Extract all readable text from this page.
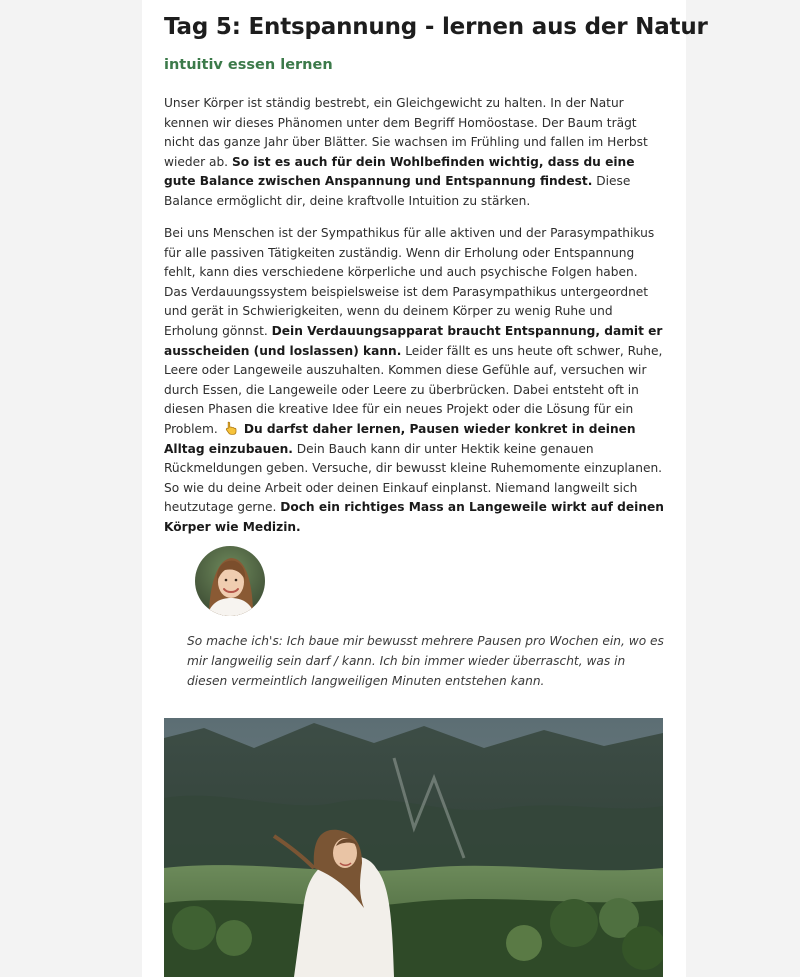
Tag 5: Entspannung - lernen aus der Natur
intuitiv essen lernen

Unser Körper ist ständig bestrebt, ein Gleichgewicht zu halten. In der Natur kennen wir dieses Phänomen unter dem Begriff Homöostase. Der Baum trägt nicht das ganze Jahr über Blätter. Sie wachsen im Frühling und fallen im Herbst wieder ab. So ist es auch für dein Wohlbefinden wichtig, dass du eine gute Balance zwischen Anspannung und Entspannung findest. Diese Balance ermöglicht dir, deine kraftvolle Intuition zu stärken.

Bei uns Menschen ist der Sympathikus für alle aktiven und der Parasympathikus für alle passiven Tätigkeiten zuständig. Wenn dir Erholung oder Entspannung fehlt, kann dies verschiedene körperliche und auch psychische Folgen haben. Das Verdauungssystem beispielsweise ist dem Parasympathikus untergeordnet und gerät in Schwierigkeiten, wenn du deinem Körper zu wenig Ruhe und Erholung gönnst. Dein Verdauungsapparat braucht Entspannung, damit er ausscheiden (und loslassen) kann. Leider fällt es uns heute oft schwer, Ruhe, Leere oder Langeweile auszuhalten. Kommen diese Gefühle auf, versuchen wir durch Essen, die Langeweile oder Leere zu überbrücken. Dabei entsteht oft in diesen Phasen die kreative Idee für ein neues Projekt oder die Lösung für ein Problem.  Du darfst daher lernen, Pausen wieder konkret in deinen Alltag einzubauen. Dein Bauch kann dir unter Hektik keine genauen Rückmeldungen geben. Versuche, dir bewusst kleine Ruhemomente einzuplanen. So wie du deine Arbeit oder deinen Einkauf einplanst. Niemand langweilt sich heutzutage gerne. Doch ein richtiges Mass an Langeweile wirkt auf deinen Körper wie Medizin.

So mache ich's: Ich baue mir bewusst mehrere Pausen pro Wochen ein, wo es mir langweilig sein darf / kann. Ich bin immer wieder überrascht, was in diesen vermeintlich langweiligen Minuten entstehen kann.
